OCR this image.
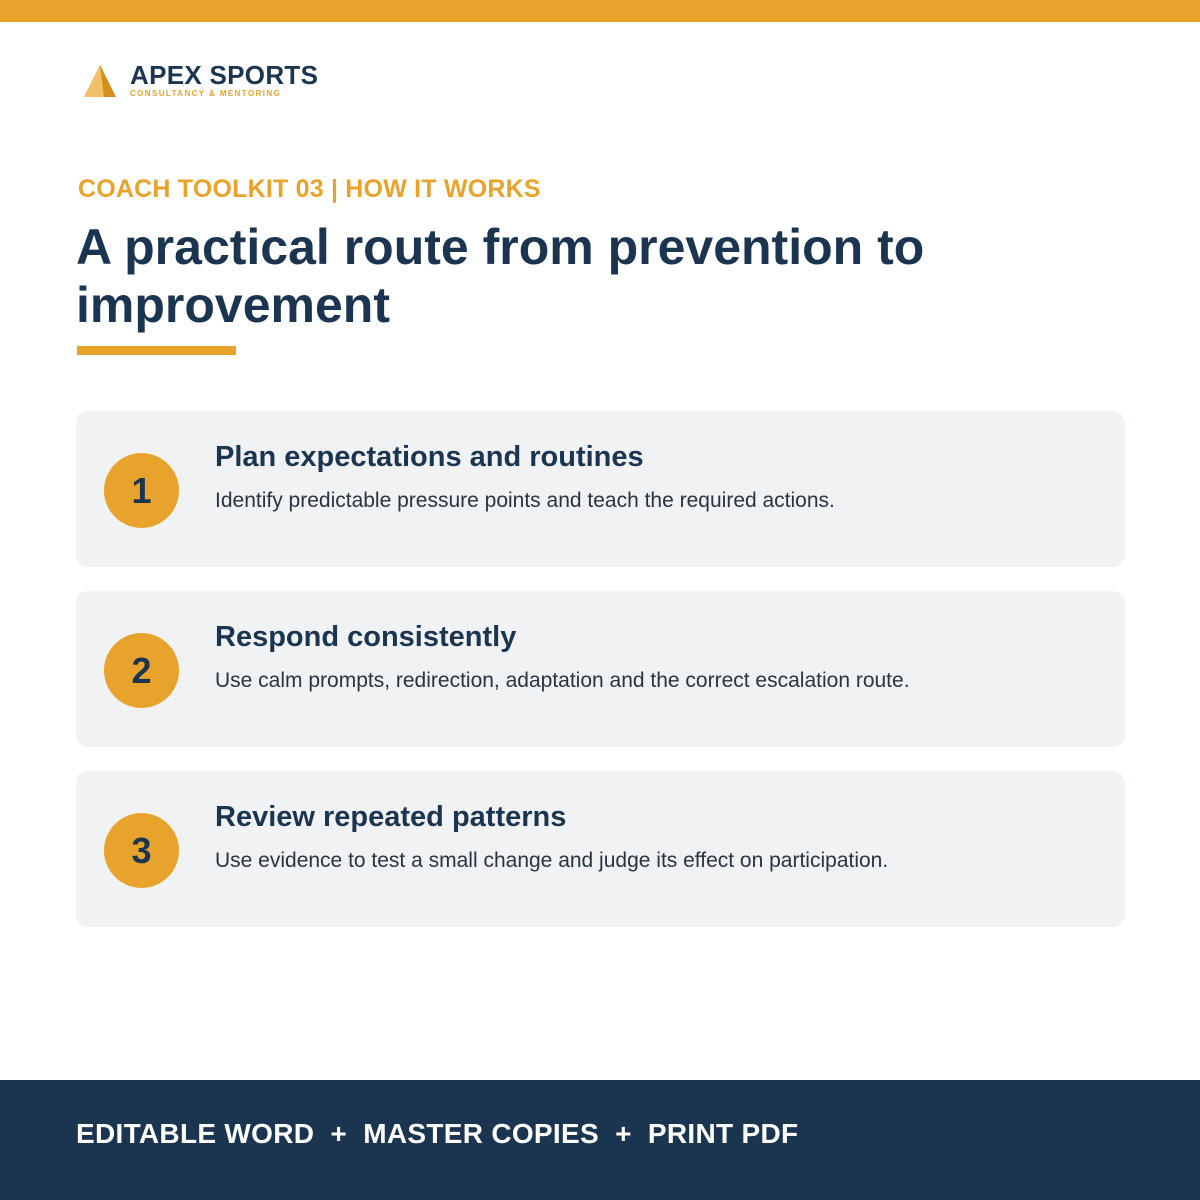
APEX SPORTS
CONSULTANCY & MENTORING
COACH TOOLKIT 03 | HOW IT WORKS
A practical route from prevention to improvement
1
Plan expectations and routines
Identify predictable pressure points and teach the required actions.
2
Respond consistently
Use calm prompts, redirection, adaptation and the correct escalation route.
3
Review repeated patterns
Use evidence to test a small change and judge its effect on participation.
EDITABLE WORD  +  MASTER COPIES  +  PRINT PDF
